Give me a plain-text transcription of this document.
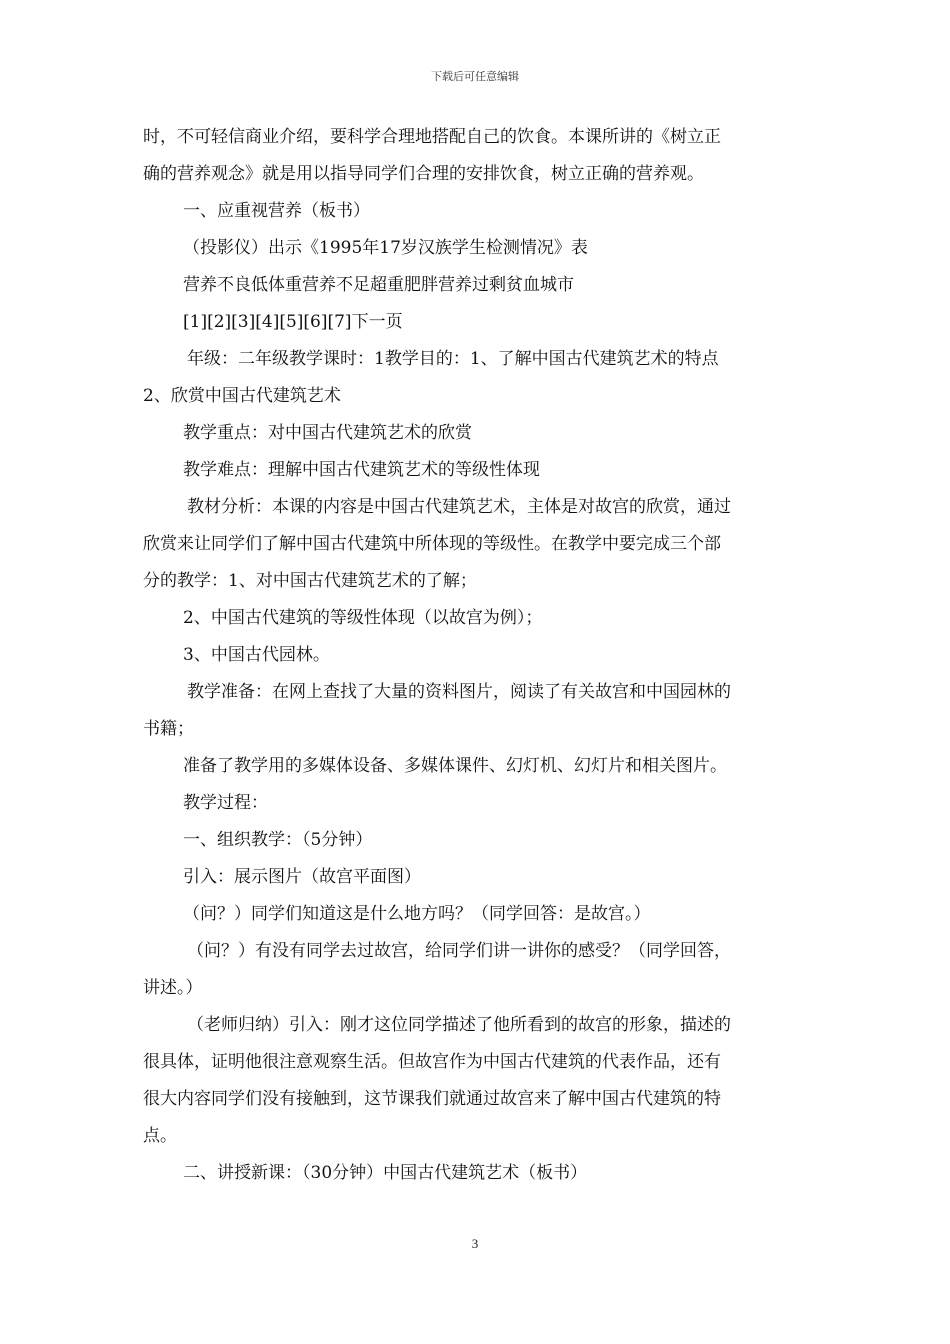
下载后可任意编辑
时，不可轻信商业介绍，要科学合理地搭配自己的饮食。本课所讲的《树立正
确的营养观念》就是用以指导同学们合理的安排饮食，树立正确的营养观。
一、应重视营养（板书）
（投影仪）出示《1995年17岁汉族学生检测情况》表
营养不良低体重营养不足超重肥胖营养过剩贫血城市
[1][2][3][4][5][6][7]下一页
年级：二年级教学课时：1教学目的：1、了解中国古代建筑艺术的特点
2、欣赏中国古代建筑艺术
教学重点：对中国古代建筑艺术的欣赏
教学难点：理解中国古代建筑艺术的等级性体现
教材分析：本课的内容是中国古代建筑艺术，主体是对故宫的欣赏，通过
欣赏来让同学们了解中国古代建筑中所体现的等级性。在教学中要完成三个部
分的教学：1、对中国古代建筑艺术的了解；
2、中国古代建筑的等级性体现（以故宫为例）；
3、中国古代园林。
教学准备：在网上查找了大量的资料图片，阅读了有关故宫和中国园林的
书籍；
准备了教学用的多媒体设备、多媒体课件、幻灯机、幻灯片和相关图片。
教学过程：
一、组织教学：（5分钟）
引入：展示图片（故宫平面图）
（问？）同学们知道这是什么地方吗？（同学回答：是故宫。）
（问？）有没有同学去过故宫，给同学们讲一讲你的感受？（同学回答，
讲述。）
（老师归纳）引入：刚才这位同学描述了他所看到的故宫的形象，描述的
很具体，证明他很注意观察生活。但故宫作为中国古代建筑的代表作品，还有
很大内容同学们没有接触到，这节课我们就通过故宫来了解中国古代建筑的特
点。
二、讲授新课：（30分钟）中国古代建筑艺术（板书）
3
